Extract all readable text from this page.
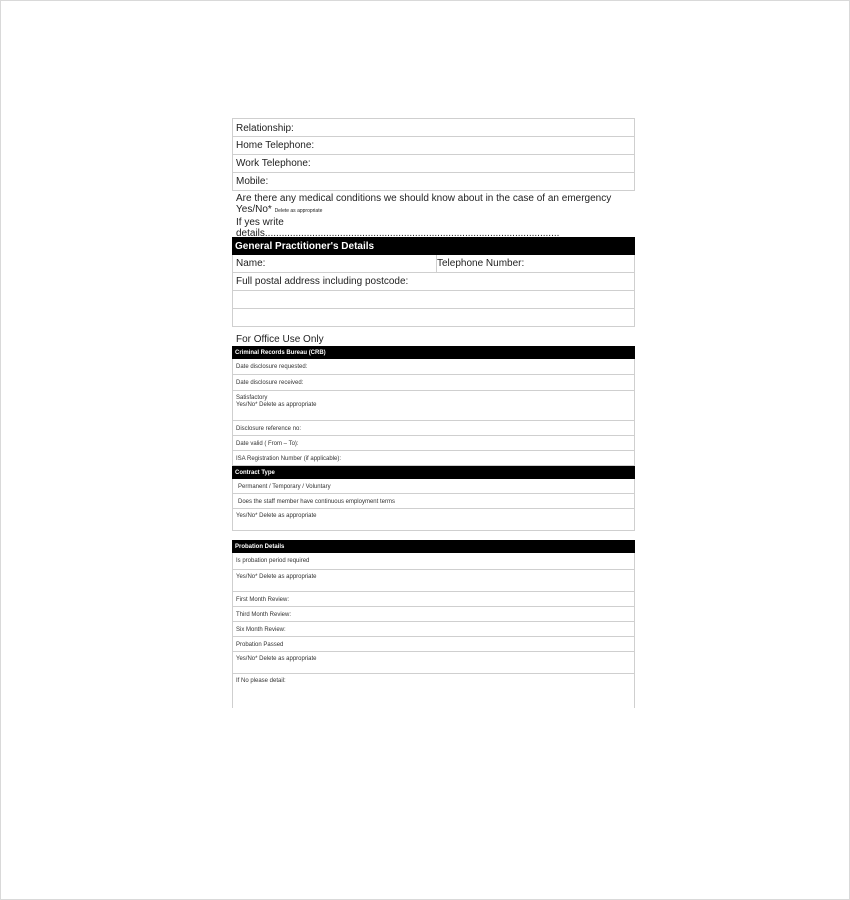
Relationship:
Home Telephone:
Work Telephone:
Mobile:
Are there any medical conditions we should know about in the case of an emergency
Yes/No* Delete as appropriate
If yes write
details..........................................................................................................
General Practitioner's Details
Name:	Telephone Number:
Full postal address including postcode:
For Office Use Only
Criminal Records Bureau (CRB)
Date disclosure requested:
Date disclosure received:
Satisfactory
Yes/No* Delete as appropriate
Disclosure reference no:
Date valid ( From – To):
ISA Registration Number (if applicable):
Contract Type
Permanent / Temporary / Voluntary
Does the staff member have continuous employment terms
Yes/No* Delete as appropriate
Probation Details
Is probation period required
Yes/No* Delete as appropriate
First Month Review:
Third Month Review:
Six Month Review:
Probation Passed
Yes/No* Delete as appropriate
If No please detail:
